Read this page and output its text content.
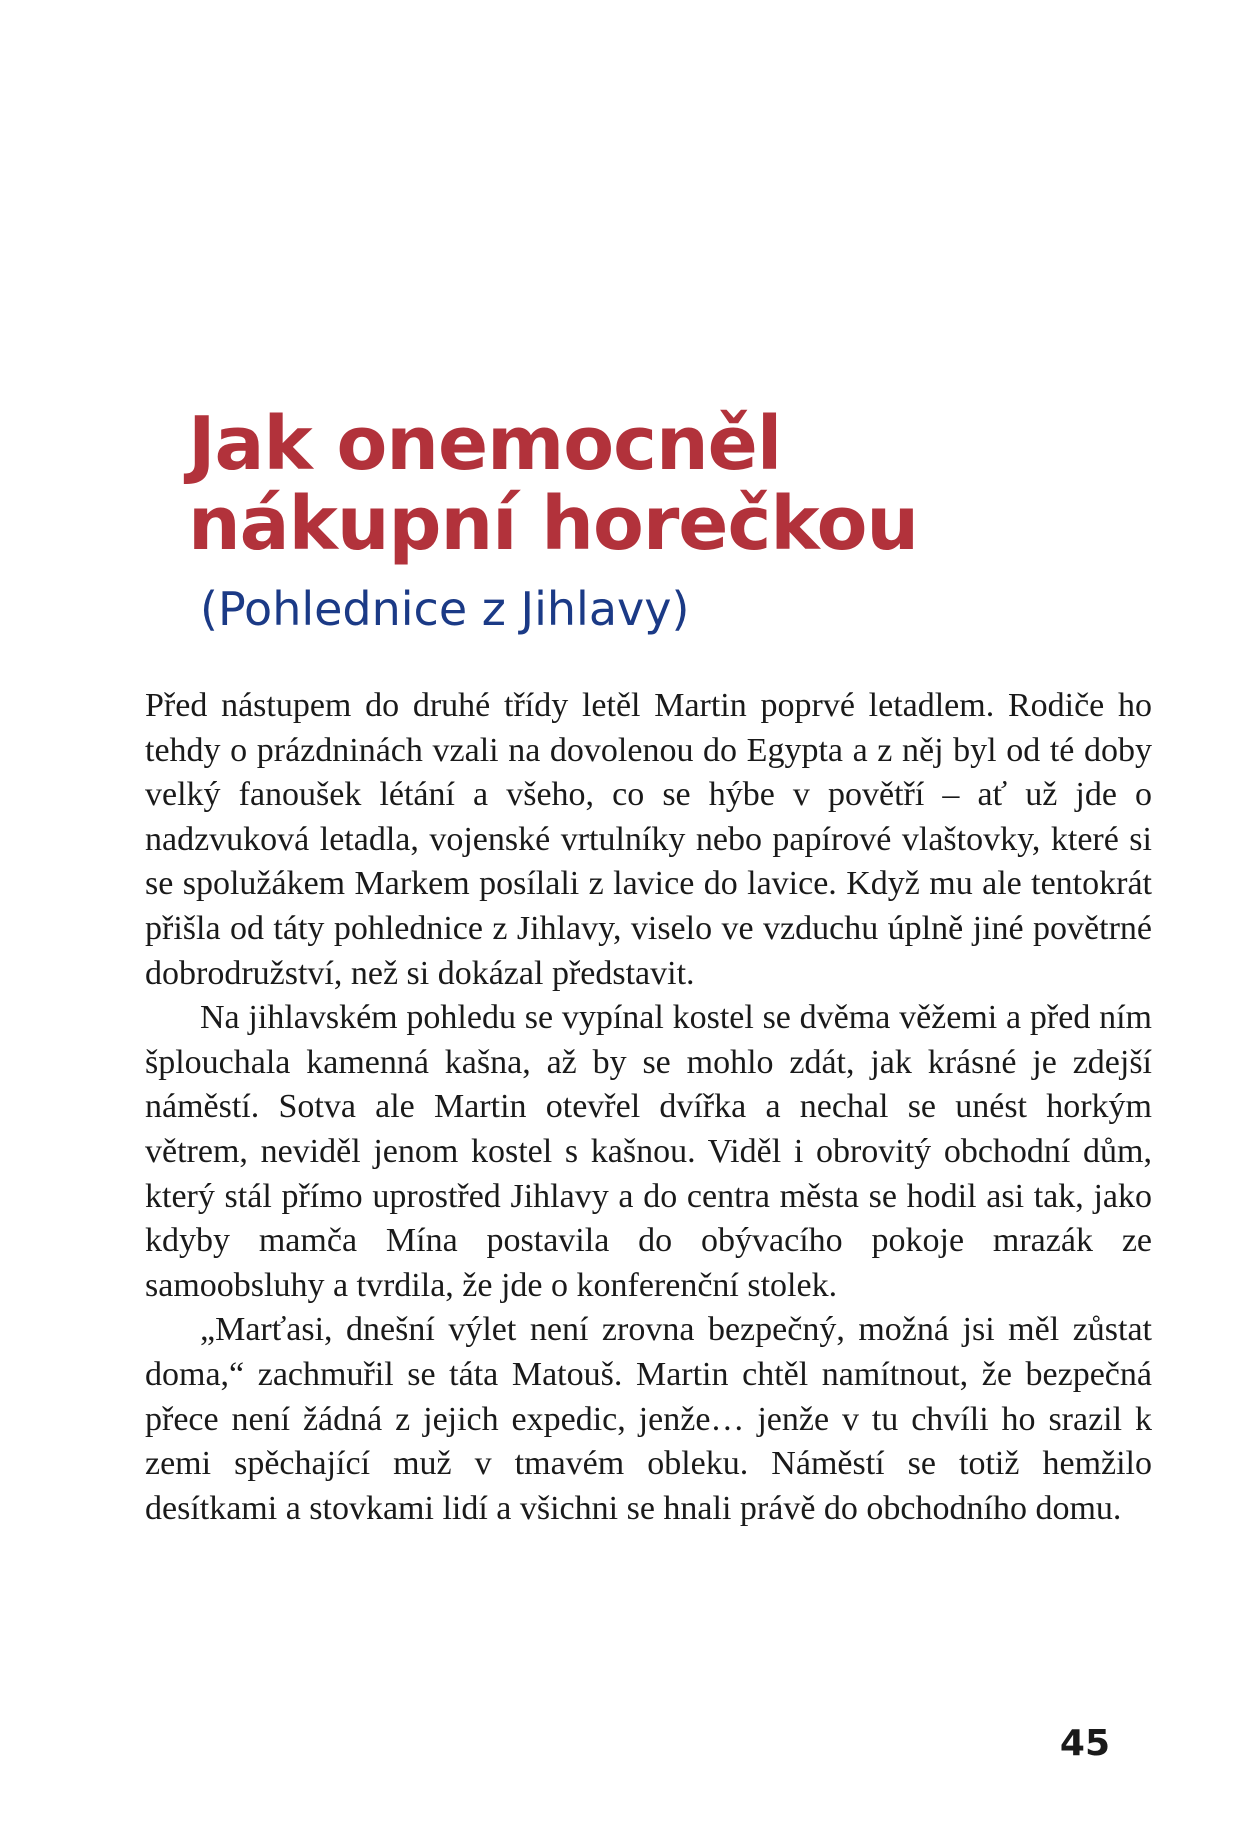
Jak onemocněl
nákupní horečkou
(Pohlednice z Jihlavy)

Před nástupem do druhé třídy letěl Martin poprvé letadlem. Rodiče ho tehdy o prázdninách vzali na dovolenou do Egypta a z něj byl od té doby velký fanoušek létání a všeho, co se hýbe v povětří – ať už jde o nadzvuková letadla, vojenské vrtulníky nebo papírové vlaštovky, které si se spolužákem Markem posílali z lavice do lavice. Když mu ale tentokrát přišla od táty pohlednice z Jihlavy, viselo ve vzduchu úplně jiné povětrné dobrodružství, než si dokázal představit.

Na jihlavském pohledu se vypínal kostel se dvěma věžemi a před ním šplouchala kamenná kašna, až by se mohlo zdát, jak krásné je zdejší náměstí. Sotva ale Martin otevřel dvířka a nechal se unést horkým větrem, neviděl jenom kostel s kašnou. Viděl i obrovitý obchodní dům, který stál přímo uprostřed Jihlavy a do centra města se hodil asi tak, jako kdyby mamča Mína postavila do obývacího pokoje mrazák ze samoobsluhy a tvrdila, že jde o konferenční stolek.

„Marťasi, dnešní výlet není zrovna bezpečný, možná jsi měl zůstat doma,“ zachmuřil se táta Matouš. Martin chtěl namítnout, že bezpečná přece není žádná z jejich expedic, jenže… jenže v tu chvíli ho srazil k zemi spěchající muž v tmavém obleku. Náměstí se totiž hemžilo desítkami a stovkami lidí a všichni se hnali právě do obchodního domu.

45
